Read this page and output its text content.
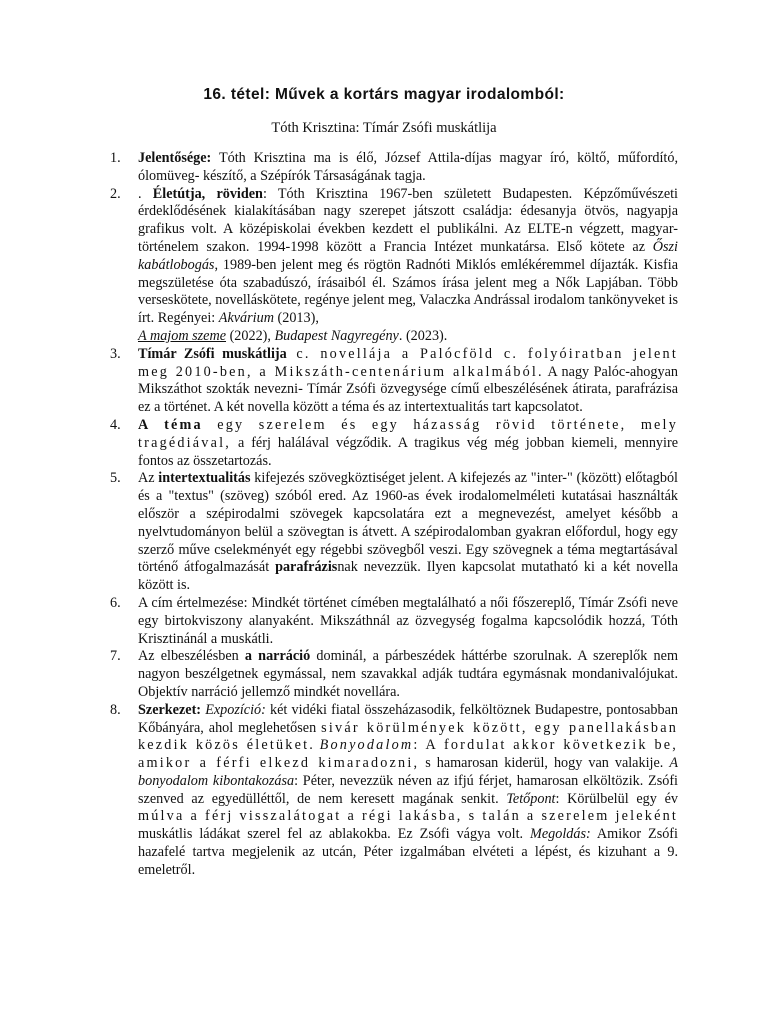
16. tétel: Művek a kortárs magyar irodalomból:
Tóth Krisztina: Tímár Zsófi muskátlija
1. Jelentősége: Tóth Krisztina ma is élő, József Attila-díjas magyar író, költő, műfordító, ólomüveg- készítő, a Szépírók Társaságának tagja.
2. . Életútja, röviden: Tóth Krisztina 1967-ben született Budapesten. Képzőművészeti érdeklődésének kialakításában nagy szerepet játszott családja: édesanyja ötvös, nagyapja grafikus volt. A középiskolai években kezdett el publikálni. Az ELTE-n végzett, magyar-történelem szakon. 1994-1998 között a Francia Intézet munkatársa. Első kötete az Őszi kabátlobogás, 1989-ben jelent meg és rögtön Radnóti Miklós emlékéremmel díjazták. Kisfia megszületése óta szabadúszó, írásaiból él. Számos írása jelent meg a Nők Lapjában. Több verseskötete, novelláskötete, regénye jelent meg, Valaczka Andrással irodalom tankönyveket is írt. Regényei: Akvárium (2013),
A majom szeme (2022), Budapest Nagyregény. (2023).
3. Tímár Zsófi muskátlija c. novellája a Palócföld c. folyóiratban jelent meg 2010-ben, a Mikszáth-centenárium alkalmából. A nagy Palóc-ahogyan Mikszáthot szokták nevezni- Tímár Zsófi özvegysége című elbeszélésének átirata, parafrázisa ez a történet. A két novella között a téma és az intertextualitás tart kapcsolatot.
4. A téma egy szerelem és egy házasság rövid története, mely tragédiával, a férj halálával végződik. A tragikus vég még jobban kiemeli, mennyire fontos az összetartozás.
5. Az intertextualitás kifejezés szövegköztiséget jelent. A kifejezés az "inter-" (között) előtagból és a "textus" (szöveg) szóból ered. Az 1960-as évek irodalomelméleti kutatásai használták először a szépirodalmi szövegek kapcsolatára ezt a megnevezést, amelyet később a nyelvtudományon belül a szövegtan is átvett. A szépirodalomban gyakran előfordul, hogy egy szerző műve cselekményét egy régebbi szövegből veszi. Egy szövegnek a téma megtartásával történő átfogalmazását parafrázisnak nevezzük. Ilyen kapcsolat mutatható ki a két novella között is.
6. A cím értelmezése: Mindkét történet címében megtalálható a női főszereplő, Tímár Zsófi neve egy birtokviszony alanyaként. Mikszáthnál az özvegység fogalma kapcsolódik hozzá, Tóth Krisztinánál a muskátli.
7. Az elbeszélésben a narráció dominál, a párbeszédek háttérbe szorulnak. A szereplők nem nagyon beszélgetnek egymással, nem szavakkal adják tudtára egymásnak mondanivalójukat. Objektív narráció jellemző mindkét novellára.
8. Szerkezet: Expozíció: két vidéki fiatal összeházasodik, felköltöznek Budapestre, pontosabban Kőbányára, ahol meglehetősen sivár körülmények között, egy panellakásban kezdik közös életüket. Bonyodalom: A fordulat akkor következik be, amikor a férfi elkezd kimaradozni, s hamarosan kiderül, hogy van valakije. A bonyodalom kibontakozása: Péter, nevezzük néven az ifjú férjet, hamarosan elköltözik. Zsófi szenved az egyedülléttől, de nem keresett magának senkit. Tetőpont: Körülbelül egy év múlva a férj visszalátogat a régi lakásba, s talán a szerelem jeleként muskátlis ládákat szerel fel az ablakokba. Ez Zsófi vágya volt. Megoldás: Amikor Zsófi hazafelé tartva megjelenik az utcán, Péter izgalmában elvéteti a lépést, és kizuhant a 9. emeletről.
